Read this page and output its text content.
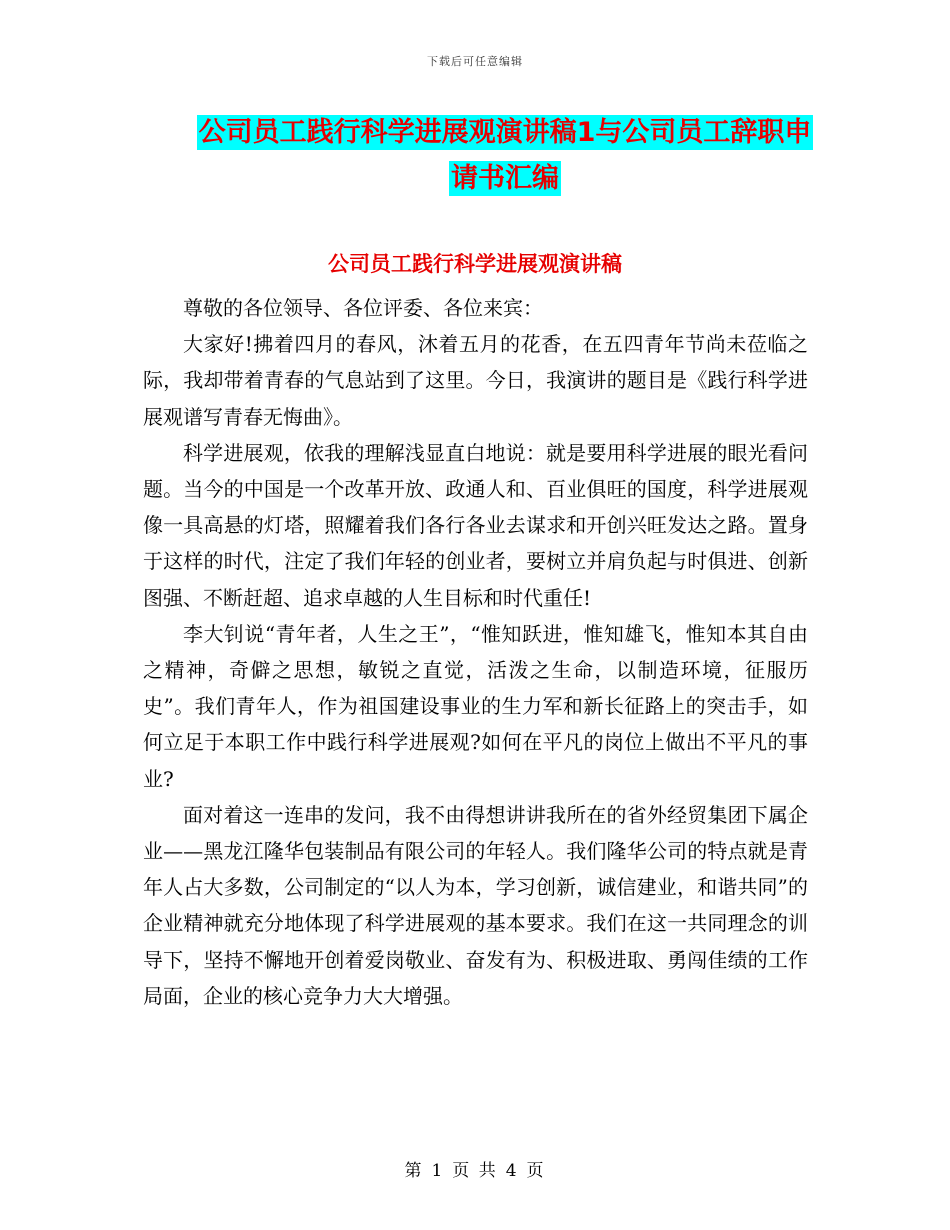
下载后可任意编辑
公司员工践行科学进展观演讲稿1与公司员工辞职申请书汇编
公司员工践行科学进展观演讲稿

尊敬的各位领导、各位评委、各位来宾：

大家好!拂着四月的春风，沐着五月的花香，在五四青年节尚未莅临之际，我却带着青春的气息站到了这里。今日，我演讲的题目是《践行科学进展观谱写青春无悔曲》。

科学进展观，依我的理解浅显直白地说：就是要用科学进展的眼光看问题。当今的中国是一个改革开放、政通人和、百业俱旺的国度，科学进展观像一具高悬的灯塔，照耀着我们各行各业去谋求和开创兴旺发达之路。置身于这样的时代，注定了我们年轻的创业者，要树立并肩负起与时俱进、创新图强、不断赶超、追求卓越的人生目标和时代重任!

李大钊说“青年者，人生之王”，“惟知跃进，惟知雄飞，惟知本其自由之精神，奇僻之思想，敏锐之直觉，活泼之生命，以制造环境，征服历史”。我们青年人，作为祖国建设事业的生力军和新长征路上的突击手，如何立足于本职工作中践行科学进展观?如何在平凡的岗位上做出不平凡的事业?

面对着这一连串的发问，我不由得想讲讲我所在的省外经贸集团下属企业——黑龙江隆华包装制品有限公司的年轻人。我们隆华公司的特点就是青年人占大多数，公司制定的“以人为本，学习创新，诚信建业，和谐共同”的企业精神就充分地体现了科学进展观的基本要求。我们在这一共同理念的训导下，坚持不懈地开创着爱岗敬业、奋发有为、积极进取、勇闯佳绩的工作局面，企业的核心竞争力大大增强。

第 1 页 共 4 页
